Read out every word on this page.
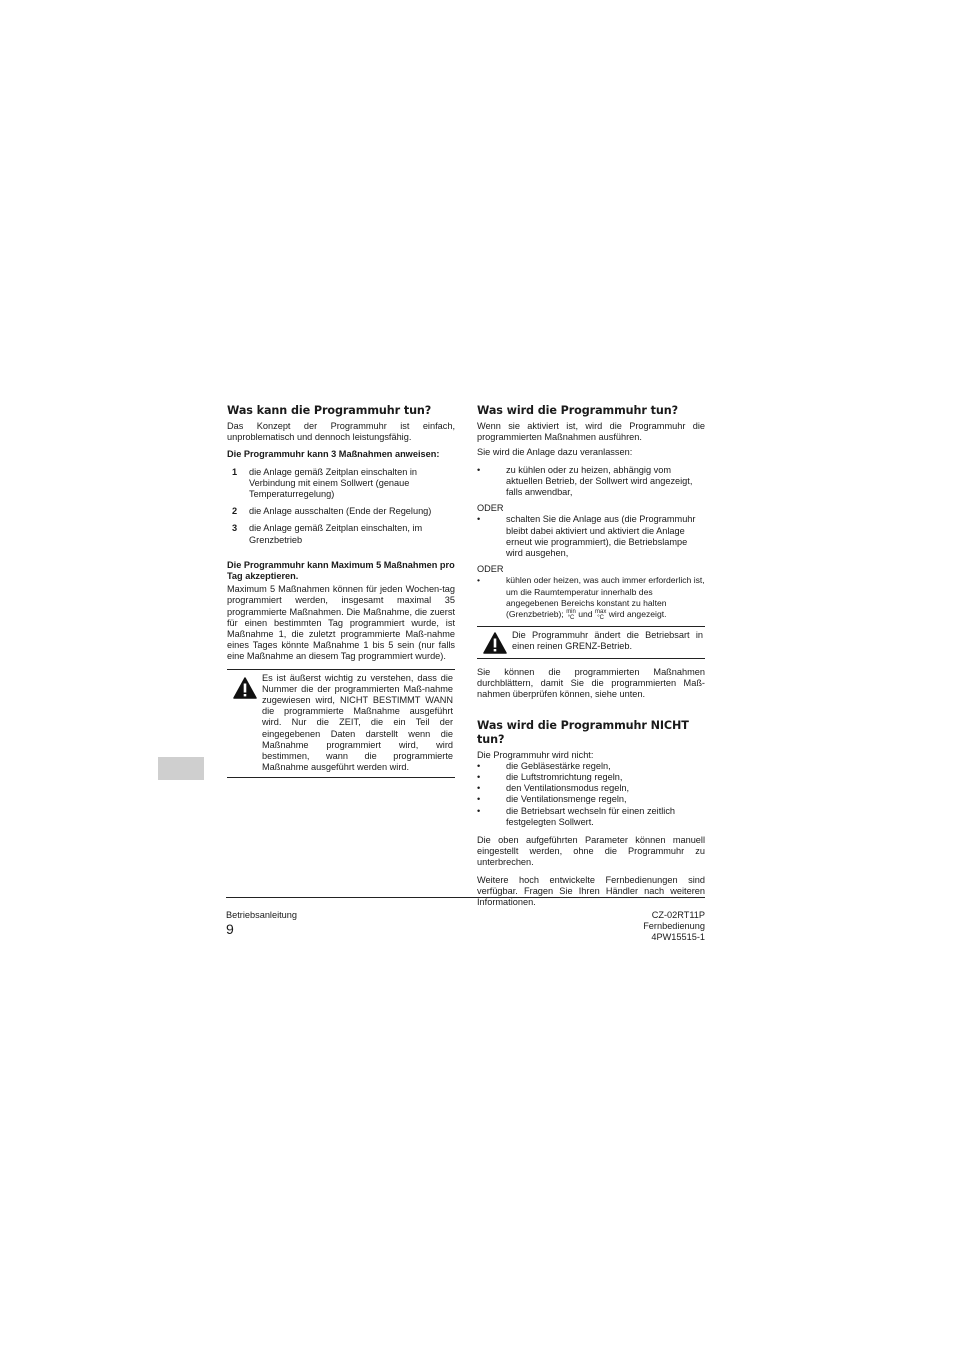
Was kann die Programmuhr tun?

Das Konzept der Programmuhr ist einfach, unproblematisch und dennoch leistungsfähig.

Die Programmuhr kann 3 Maßnahmen anweisen:

1	die Anlage gemäß Zeitplan einschalten in Verbindung mit einem Sollwert (genaue Temperaturregelung)
2	die Anlage ausschalten (Ende der Regelung)
3	die Anlage gemäß Zeitplan einschalten, im Grenzbetrieb

Die Programmuhr kann Maximum 5 Maßnahmen pro Tag akzeptieren.

Maximum 5 Maßnahmen können für jeden Wochen-tag programmiert werden, insgesamt maximal 35 programmierte Maßnahmen. Die Maßnahme, die zuerst für einen bestimmten Tag programmiert wurde, ist Maßnahme 1, die zuletzt programmierte Maß-nahme eines Tages könnte Maßnahme 1 bis 5 sein (nur falls eine Maßnahme an diesem Tag programmiert wurde).

Es ist äußerst wichtig zu verstehen, dass die Nummer die der programmierten Maß-nahme zugewiesen wird, NICHT BESTIMMT WANN die programmierte Maßnahme ausgeführt wird. Nur die ZEIT, die ein Teil der eingegebenen Daten darstellt wenn die Maßnahme programmiert wird, wird bestimmen, wann die programmierte Maßnahme ausgeführt werden wird.
Was wird die Programmuhr tun?

Wenn sie aktiviert ist, wird die Programmuhr die programmierten Maßnahmen ausführen.

Sie wird die Anlage dazu veranlassen:

• zu kühlen oder zu heizen, abhängig vom aktuellen Betrieb, der Sollwert wird angezeigt, falls anwendbar,
ODER
• schalten Sie die Anlage aus (die Programmuhr bleibt dabei aktiviert und aktiviert die Anlage erneut wie programmiert), die Betriebslampe wird ausgehen,
ODER
• kühlen oder heizen, was auch immer erforderlich ist, um die Raumtemperatur innerhalb des angegebenen Bereichs konstant zu halten (Grenzbetrieb); min
°C und max
°C wird angezeigt.
Die Programmuhr ändert die Betriebsart in einen reinen GRENZ-Betrieb.

Sie können die programmierten Maßnahmen durchblättern, damit Sie die programmierten Maß-nahmen überprüfen können, siehe unten.

Was wird die Programmuhr NICHT tun?
Die Programmuhr wird nicht:
• die Gebläsestärke regeln,
• die Luftstromrichtung regeln,
• den Ventilationsmodus regeln,
• die Ventilationsmenge regeln,
• die Betriebsart wechseln für einen zeitlich festgelegten Sollwert.

Die oben aufgeführten Parameter können manuell eingestellt werden, ohne die Programmuhr zu unterbrechen.

Weitere hoch entwickelte Fernbedienungen sind verfügbar. Fragen Sie Ihren Händler nach weiteren Informationen.

Betriebsanleitung
9
CZ-02RT11P
Fernbedienung
4PW15515-1
